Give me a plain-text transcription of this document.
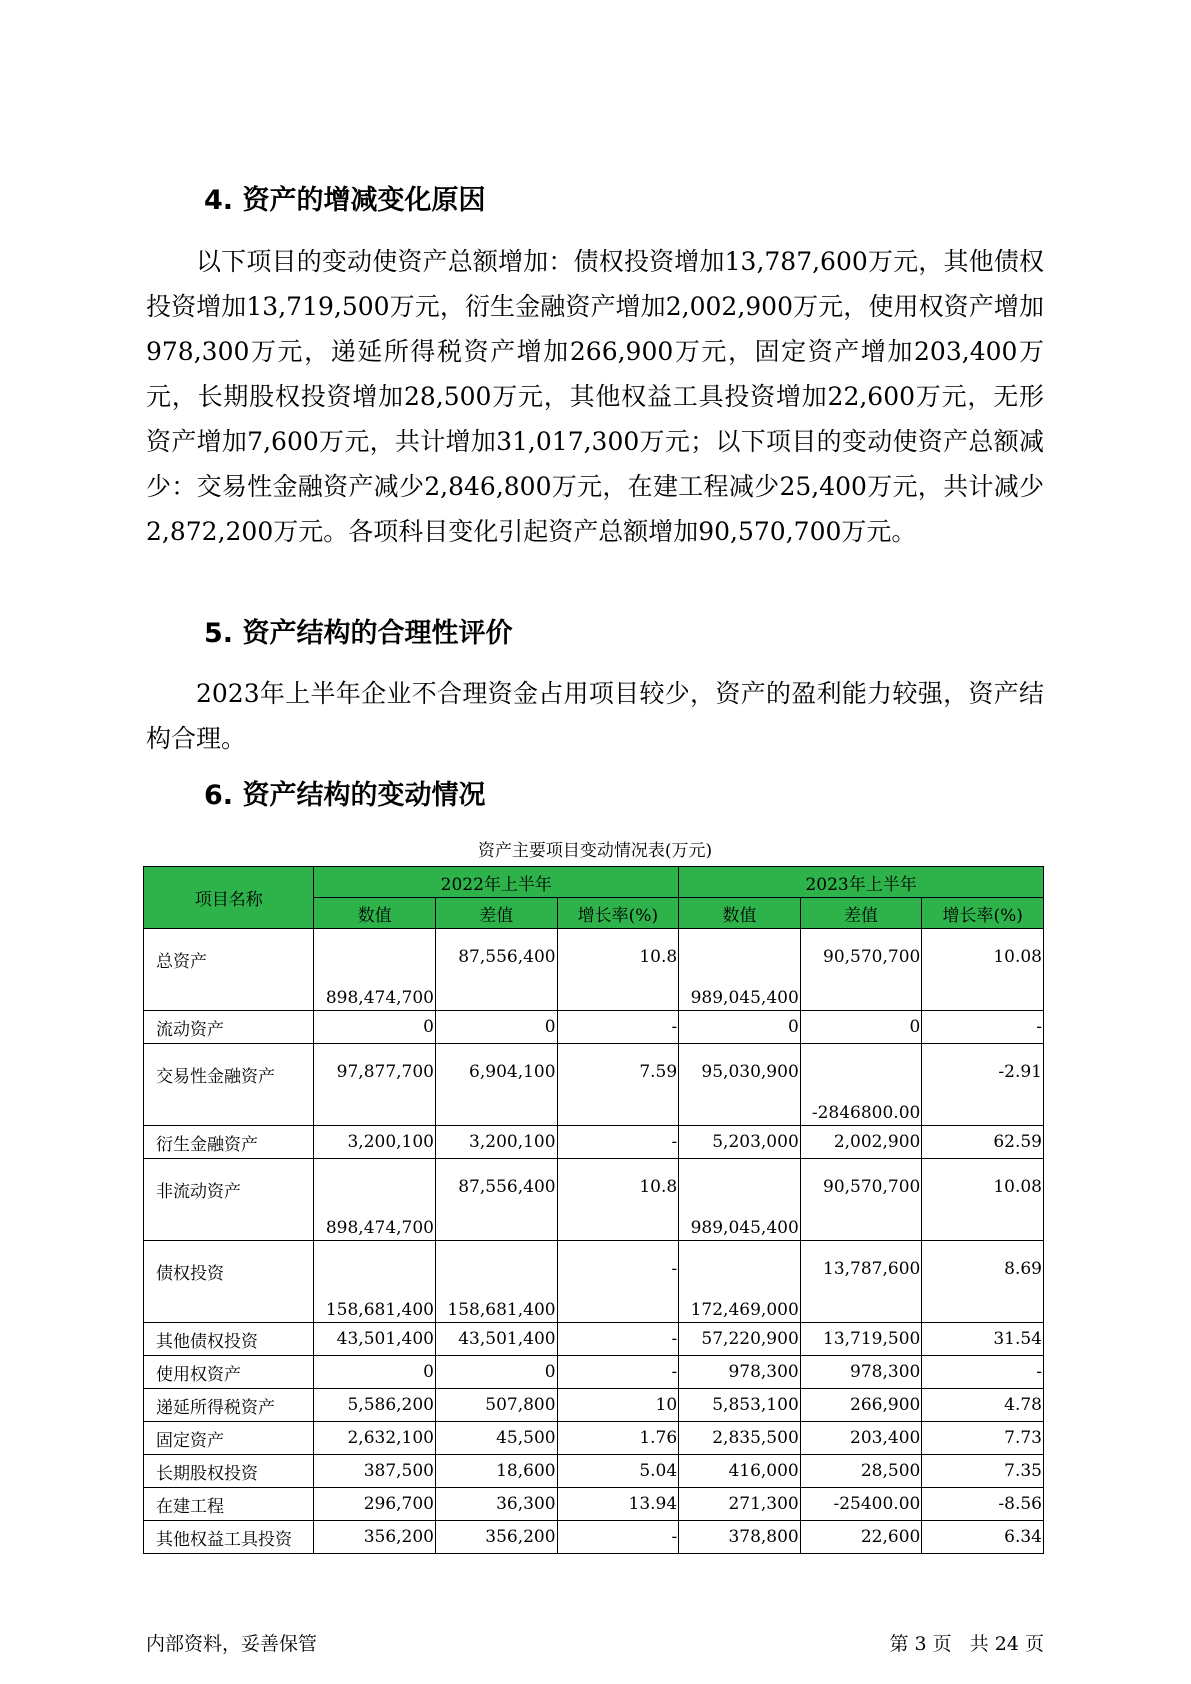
4. 资产的增减变化原因

以下项目的变动使资产总额增加：债权投资增加13,787,600万元，其他债权投资增加13,719,500万元，衍生金融资产增加2,002,900万元，使用权资产增加978,300万元，递延所得税资产增加266,900万元，固定资产增加203,400万元，长期股权投资增加28,500万元，其他权益工具投资增加22,600万元，无形资产增加7,600万元，共计增加31,017,300万元；以下项目的变动使资产总额减少：交易性金融资产减少2,846,800万元，在建工程减少25,400万元，共计减少2,872,200万元。各项科目变化引起资产总额增加90,570,700万元。

5. 资产结构的合理性评价

2023年上半年企业不合理资金占用项目较少，资产的盈利能力较强，资产结构合理。

6. 资产结构的变动情况
资产主要项目变动情况表(万元)
项目名称	2022年上半年			2023年上半年		
	数值	差值	增长率(%)	数值	差值	增长率(%)
总资产	898,474,700	87,556,400	10.8	989,045,400	90,570,700	10.08
流动资产	0	0	-	0	0	-
交易性金融资产	97,877,700	6,904,100	7.59	95,030,900	-2846800.00	-2.91
衍生金融资产	3,200,100	3,200,100	-	5,203,000	2,002,900	62.59
非流动资产	898,474,700	87,556,400	10.8	989,045,400	90,570,700	10.08
债权投资	158,681,400	158,681,400	-	172,469,000	13,787,600	8.69
其他债权投资	43,501,400	43,501,400	-	57,220,900	13,719,500	31.54
使用权资产	0	0	-	978,300	978,300	-
递延所得税资产	5,586,200	507,800	10	5,853,100	266,900	4.78
固定资产	2,632,100	45,500	1.76	2,835,500	203,400	7.73
长期股权投资	387,500	18,600	5.04	416,000	28,500	7.35
在建工程	296,700	36,300	13.94	271,300	-25400.00	-8.56
其他权益工具投资	356,200	356,200	-	378,800	22,600	6.34
内部资料，妥善保管	第 3 页   共 24 页
